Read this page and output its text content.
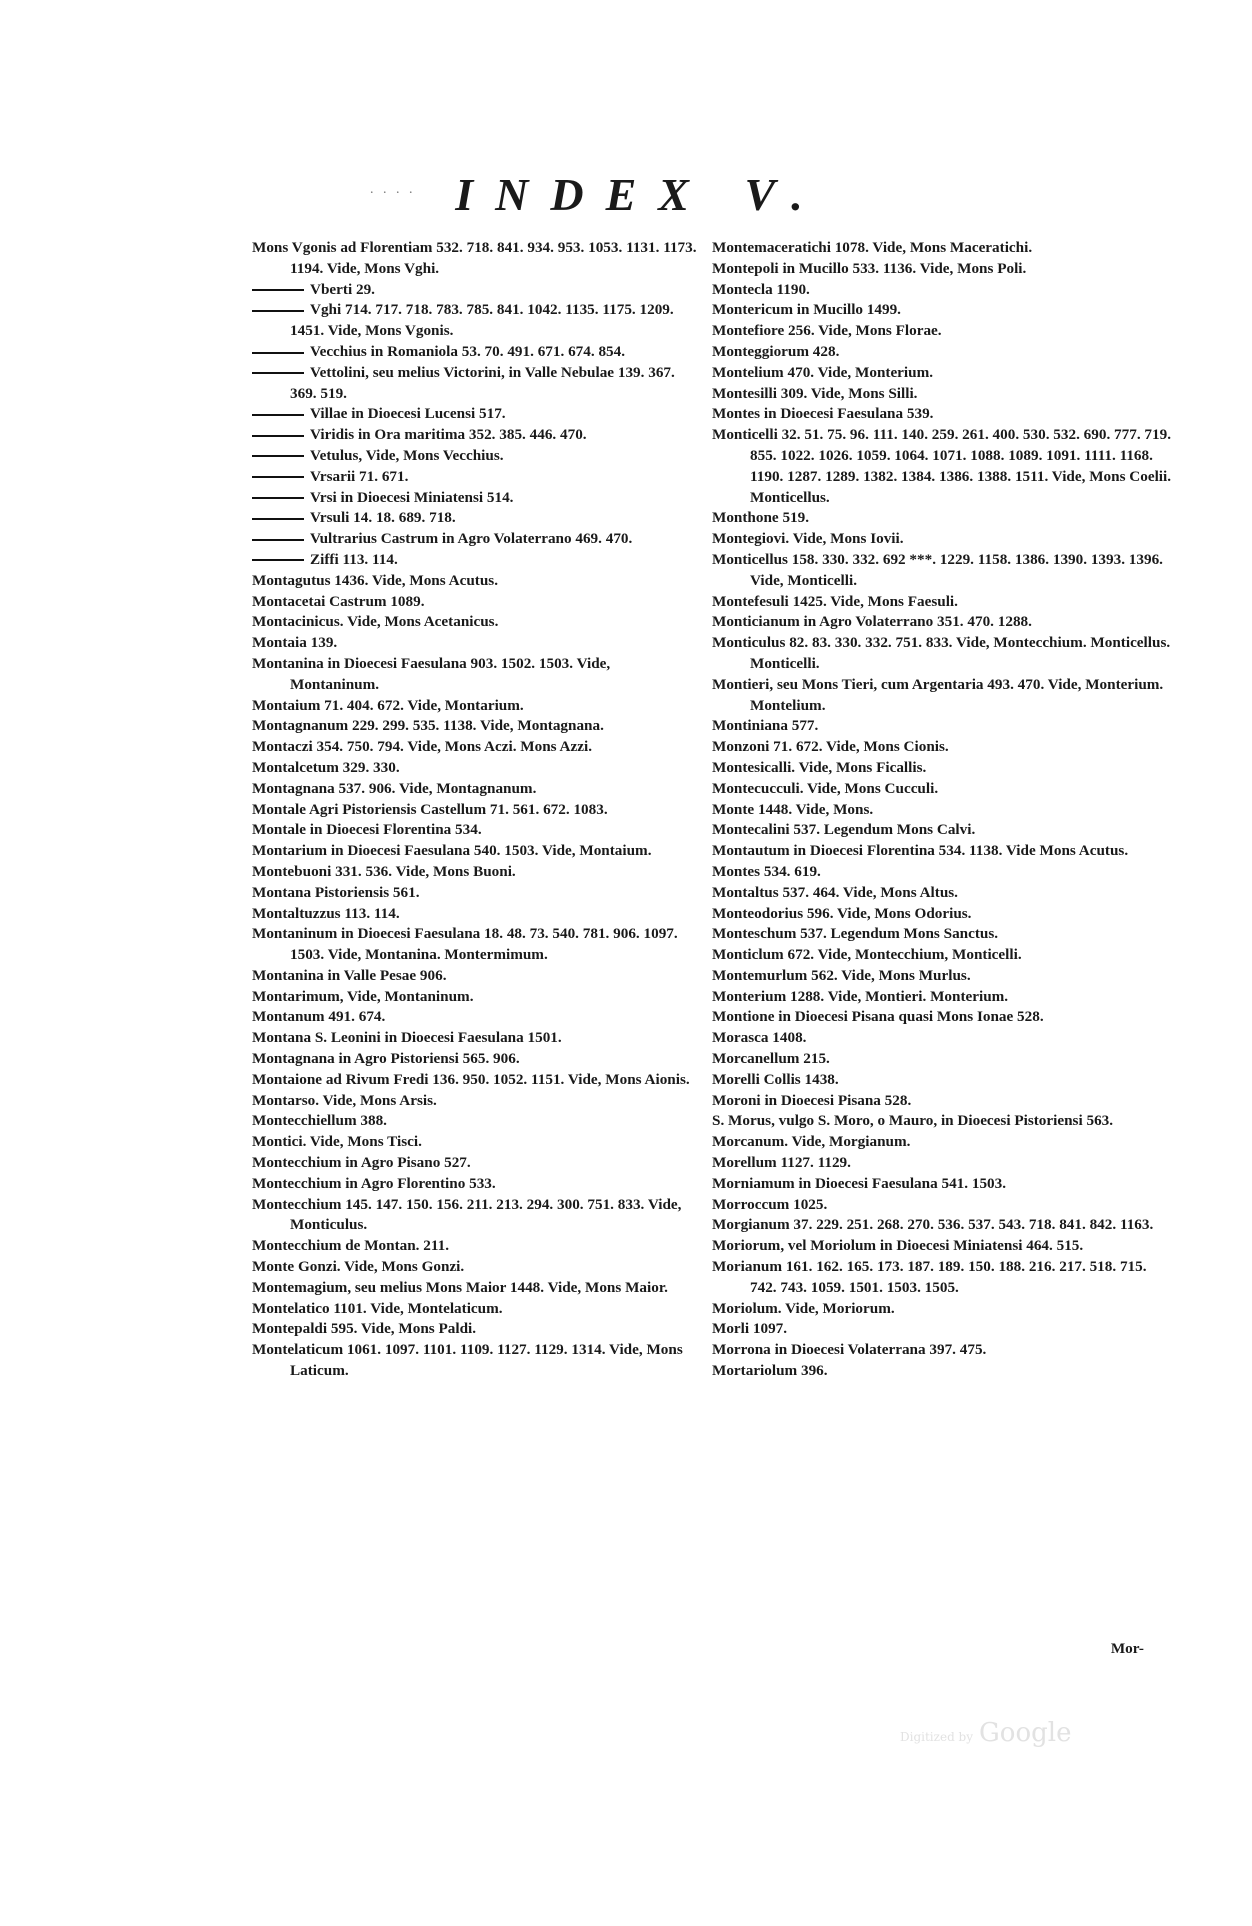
. . . . INDEX V.

Mons Vgonis ad Florentiam 532. 718. 841. 934. 953. 1053. 1131. 1173. 1194. Vide, Mons Vghi.

Vberti 29.

Vghi 714. 717. 718. 783. 785. 841. 1042. 1135. 1175. 1209. 1451. Vide, Mons Vgonis.

Vecchius in Romaniola 53. 70. 491. 671. 674. 854.

Vettolini, seu melius Victorini, in Valle Nebulae 139. 367. 369. 519.

Villae in Dioecesi Lucensi 517.

Viridis in Ora maritima 352. 385. 446. 470.

Vetulus, Vide, Mons Vecchius.

Vrsarii 71. 671.

Vrsi in Dioecesi Miniatensi 514.

Vrsuli 14. 18. 689. 718.

Vultrarius Castrum in Agro Volaterrano 469. 470.

Ziffi 113. 114.

Montagutus 1436. Vide, Mons Acutus.

Montacetai Castrum 1089.

Montacinicus. Vide, Mons Acetanicus.

Montaia 139.

Montanina in Dioecesi Faesulana 903. 1502. 1503. Vide, Montaninum.

Montaium 71. 404. 672. Vide, Montarium.

Montagnanum 229. 299. 535. 1138. Vide, Montagnana.

Montaczi 354. 750. 794. Vide, Mons Aczi. Mons Azzi.

Montalcetum 329. 330.

Montagnana 537. 906. Vide, Montagnanum.

Montale Agri Pistoriensis Castellum 71. 561. 672. 1083.

Montale in Dioecesi Florentina 534.

Montarium in Dioecesi Faesulana 540. 1503. Vide, Montaium.

Montebuoni 331. 536. Vide, Mons Buoni.

Montana Pistoriensis 561.

Montaltuzzus 113. 114.

Montaninum in Dioecesi Faesulana 18. 48. 73. 540. 781. 906. 1097. 1503. Vide, Montanina. Montermimum.

Montanina in Valle Pesae 906.

Montarimum, Vide, Montaninum.

Montanum 491. 674.

Montana S. Leonini in Dioecesi Faesulana 1501.

Montagnana in Agro Pistoriensi 565. 906.

Montaione ad Rivum Fredi 136. 950. 1052. 1151. Vide, Mons Aionis.

Montarso. Vide, Mons Arsis.

Montecchiellum 388.

Montici. Vide, Mons Tisci.

Montecchium in Agro Pisano 527.

Montecchium in Agro Florentino 533.

Montecchium 145. 147. 150. 156. 211. 213. 294. 300. 751. 833. Vide, Monticulus.

Montecchium de Montan. 211.

Monte Gonzi. Vide, Mons Gonzi.

Montemagium, seu melius Mons Maior 1448. Vide, Mons Maior.

Montelatico 1101. Vide, Montelaticum.

Montepaldi 595. Vide, Mons Paldi.

Montelaticum 1061. 1097. 1101. 1109. 1127. 1129. 1314. Vide, Mons Laticum.

Montemaceratichi 1078. Vide, Mons Maceratichi.

Montepoli in Mucillo 533. 1136. Vide, Mons Poli.

Montecla 1190.

Montericum in Mucillo 1499.

Montefiore 256. Vide, Mons Florae.

Monteggiorum 428.

Montelium 470. Vide, Monterium.

Montesilli 309. Vide, Mons Silli.

Montes in Dioecesi Faesulana 539.

Monticelli 32. 51. 75. 96. 111. 140. 259. 261. 400. 530. 532. 690. 777. 719. 855. 1022. 1026. 1059. 1064. 1071. 1088. 1089. 1091. 1111. 1168. 1190. 1287. 1289. 1382. 1384. 1386. 1388. 1511. Vide, Mons Coelii. Monticellus.

Monthone 519.

Montegiovi. Vide, Mons Iovii.

Monticellus 158. 330. 332. 692 ***. 1229. 1158. 1386. 1390. 1393. 1396. Vide, Monticelli.

Montefesuli 1425. Vide, Mons Faesuli.

Monticianum in Agro Volaterrano 351. 470. 1288.

Monticulus 82. 83. 330. 332. 751. 833. Vide, Montecchium. Monticellus. Monticelli.

Montieri, seu Mons Tieri, cum Argentaria 493. 470. Vide, Monterium. Montelium.

Montiniana 577.

Monzoni 71. 672. Vide, Mons Cionis.

Montesicalli. Vide, Mons Ficallis.

Montecucculi. Vide, Mons Cucculi.

Monte 1448. Vide, Mons.

Montecalini 537. Legendum Mons Calvi.

Montautum in Dioecesi Florentina 534. 1138. Vide Mons Acutus.

Montes 534. 619.

Montaltus 537. 464. Vide, Mons Altus.

Monteodorius 596. Vide, Mons Odorius.

Monteschum 537. Legendum Mons Sanctus.

Monticlum 672. Vide, Montecchium, Monticelli.

Montemurlum 562. Vide, Mons Murlus.

Monterium 1288. Vide, Montieri. Monterium.

Montione in Dioecesi Pisana quasi Mons Ionae 528.

Morasca 1408.

Morcanellum 215.

Morelli Collis 1438.

Moroni in Dioecesi Pisana 528.

S. Morus, vulgo S. Moro, o Mauro, in Dioecesi Pistoriensi 563.

Morcanum. Vide, Morgianum.

Morellum 1127. 1129.

Morniamum in Dioecesi Faesulana 541. 1503.

Morroccum 1025.

Morgianum 37. 229. 251. 268. 270. 536. 537. 543. 718. 841. 842. 1163.

Moriorum, vel Moriolum in Dioecesi Miniatensi 464. 515.

Morianum 161. 162. 165. 173. 187. 189. 150. 188. 216. 217. 518. 715. 742. 743. 1059. 1501. 1503. 1505.

Moriolum. Vide, Moriorum.

Morli 1097.

Morrona in Dioecesi Volaterrana 397. 475.

Mortariolum 396.

Mor-
Digitized by Google
